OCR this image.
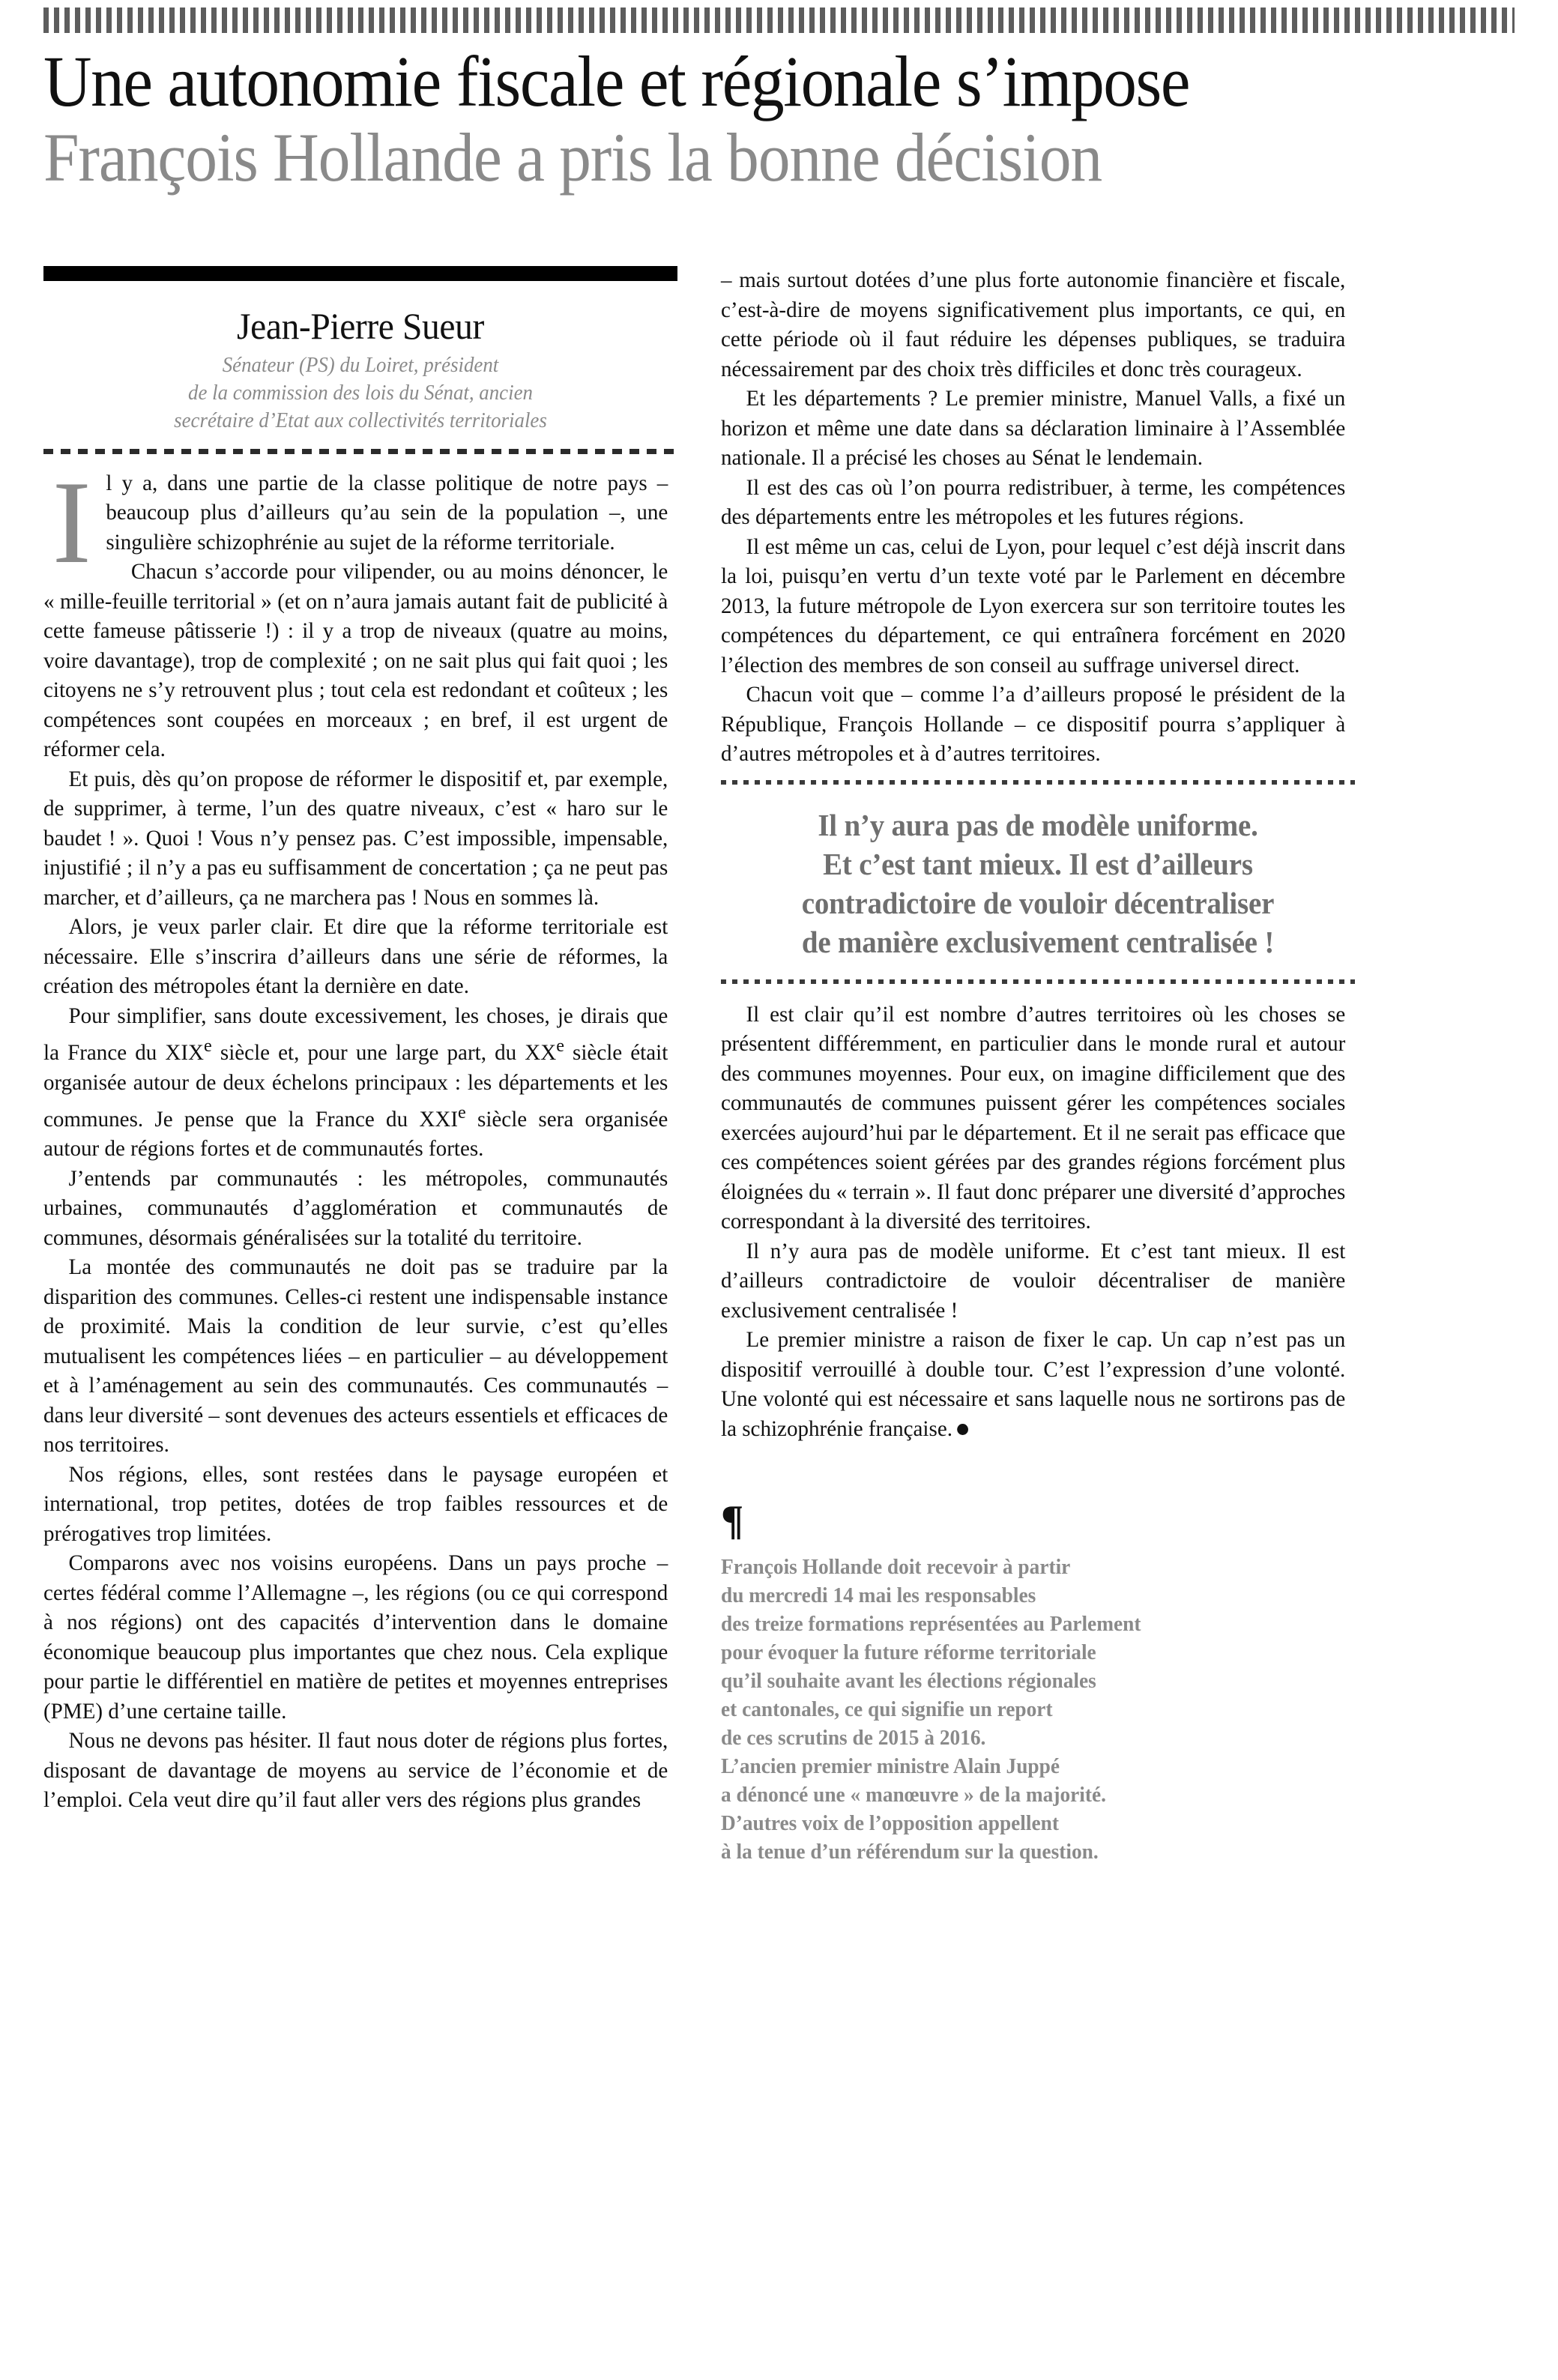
Une autonomie fiscale et régionale s’impose
François Hollande a pris la bonne décision
Jean-Pierre Sueur
Sénateur (PS) du Loiret, président
de la commission des lois du Sénat, ancien
secrétaire d’Etat aux collectivités territoriales

Il y a, dans une partie de la classe politique de notre pays – beaucoup plus d’ailleurs qu’au sein de la population –, une singulière schizophrénie au sujet de la réforme territoriale.

Chacun s’accorde pour vilipender, ou au moins dénoncer, le « mille-feuille territorial » (et on n’aura jamais autant fait de publicité à cette fameuse pâtisserie !) : il y a trop de niveaux (quatre au moins, voire davantage), trop de complexité ; on ne sait plus qui fait quoi ; les citoyens ne s’y retrouvent plus ; tout cela est redondant et coûteux ; les compétences sont coupées en morceaux ; en bref, il est urgent de réformer cela.

Et puis, dès qu’on propose de réformer le dispositif et, par exemple, de supprimer, à terme, l’un des quatre niveaux, c’est « haro sur le baudet ! ». Quoi ! Vous n’y pensez pas. C’est impossible, impensable, injustifié ; il n’y a pas eu suffisamment de concertation ; ça ne peut pas marcher, et d’ailleurs, ça ne marchera pas ! Nous en sommes là.

Alors, je veux parler clair. Et dire que la réforme territoriale est nécessaire. Elle s’inscrira d’ailleurs dans une série de réformes, la création des métropoles étant la dernière en date.

Pour simplifier, sans doute excessivement, les choses, je dirais que la France du XIXe siècle et, pour une large part, du XXe siècle était organisée autour de deux échelons principaux : les départements et les communes. Je pense que la France du XXIe siècle sera organisée autour de régions fortes et de communautés fortes.

J’entends par communautés : les métropoles, communautés urbaines, communautés d’agglomération et communautés de communes, désormais généralisées sur la totalité du territoire.

La montée des communautés ne doit pas se traduire par la disparition des communes. Celles-ci restent une indispensable instance de proximité. Mais la condition de leur survie, c’est qu’elles mutualisent les compétences liées – en particulier – au développement et à l’aménagement au sein des communautés. Ces communautés – dans leur diversité – sont devenues des acteurs essentiels et efficaces de nos territoires.

Nos régions, elles, sont restées dans le paysage européen et international, trop petites, dotées de trop faibles ressources et de prérogatives trop limitées.

Comparons avec nos voisins européens. Dans un pays proche – certes fédéral comme l’Allemagne –, les régions (ou ce qui correspond à nos régions) ont des capacités d’intervention dans le domaine économique beaucoup plus importantes que chez nous. Cela explique pour partie le différentiel en matière de petites et moyennes entreprises (PME) d’une certaine taille.

Nous ne devons pas hésiter. Il faut nous doter de régions plus fortes, disposant de davantage de moyens au service de l’économie et de l’emploi. Cela veut dire qu’il faut aller vers des régions plus grandes

– mais surtout dotées d’une plus forte autonomie financière et fiscale, c’est-à-dire de moyens significativement plus importants, ce qui, en cette période où il faut réduire les dépenses publiques, se traduira nécessairement par des choix très difficiles et donc très courageux.

Et les départements ? Le premier ministre, Manuel Valls, a fixé un horizon et même une date dans sa déclaration liminaire à l’Assemblée nationale. Il a précisé les choses au Sénat le lendemain.

Il est des cas où l’on pourra redistribuer, à terme, les compétences des départements entre les métropoles et les futures régions.

Il est même un cas, celui de Lyon, pour lequel c’est déjà inscrit dans la loi, puisqu’en vertu d’un texte voté par le Parlement en décembre 2013, la future métropole de Lyon exercera sur son territoire toutes les compétences du département, ce qui entraînera forcément en 2020 l’élection des membres de son conseil au suffrage universel direct.

Chacun voit que – comme l’a d’ailleurs proposé le président de la République, François Hollande – ce dispositif pourra s’appliquer à d’autres métropoles et à d’autres territoires.

Il n’y aura pas de modèle uniforme.
Et c’est tant mieux. Il est d’ailleurs
contradictoire de vouloir décentraliser
de manière exclusivement centralisée !

Il est clair qu’il est nombre d’autres territoires où les choses se présentent différemment, en particulier dans le monde rural et autour des communes moyennes. Pour eux, on imagine difficilement que des communautés de communes puissent gérer les compétences sociales exercées aujourd’hui par le département. Et il ne serait pas efficace que ces compétences soient gérées par des grandes régions forcément plus éloignées du « terrain ». Il faut donc préparer une diversité d’approches correspondant à la diversité des territoires.

Il n’y aura pas de modèle uniforme. Et c’est tant mieux. Il est d’ailleurs contradictoire de vouloir décentraliser de manière exclusivement centralisée !

Le premier ministre a raison de fixer le cap. Un cap n’est pas un dispositif verrouillé à double tour. C’est l’expression d’une volonté. Une volonté qui est nécessaire et sans laquelle nous ne sortirons pas de la schizophrénie française.

¶
François Hollande doit recevoir à partir
du mercredi 14 mai les responsables
des treize formations représentées au Parlement
pour évoquer la future réforme territoriale
qu’il souhaite avant les élections régionales
et cantonales, ce qui signifie un report
de ces scrutins de 2015 à 2016.
L’ancien premier ministre Alain Juppé
a dénoncé une « manœuvre » de la majorité.
D’autres voix de l’opposition appellent
à la tenue d’un référendum sur la question.
